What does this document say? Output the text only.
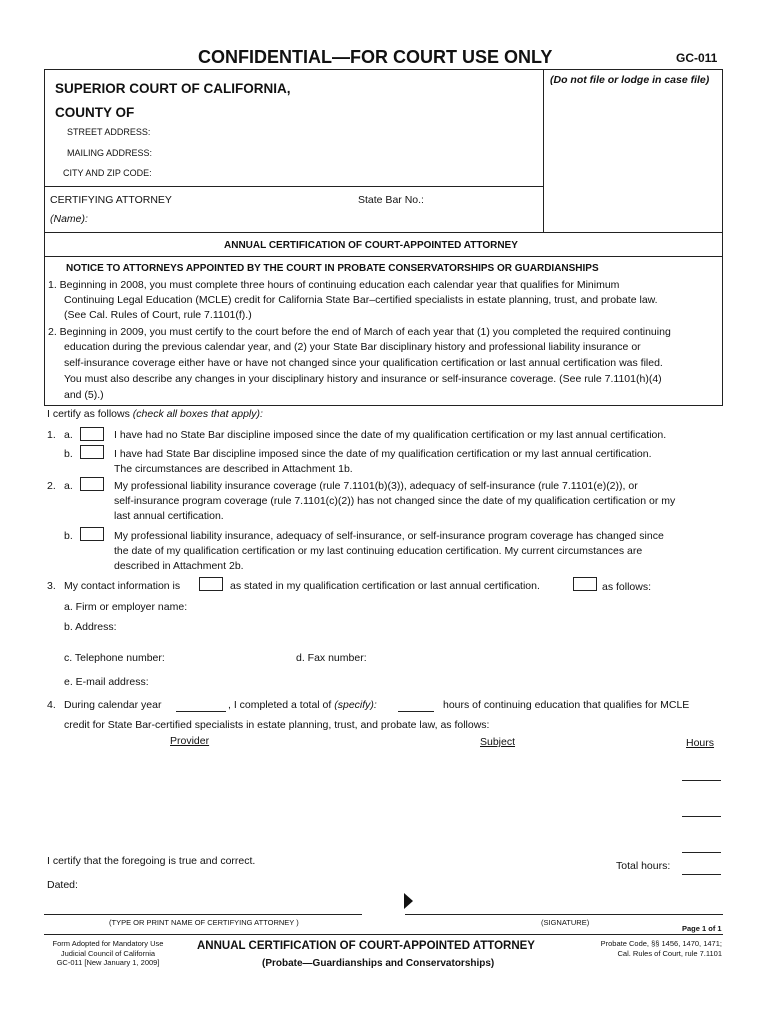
CONFIDENTIAL—FOR COURT USE ONLY	GC-011
(Do not file or lodge in case file)
SUPERIOR COURT OF CALIFORNIA,
COUNTY OF
STREET ADDRESS:
MAILING ADDRESS:
CITY AND ZIP CODE:
CERTIFYING ATTORNEY
(Name):
State Bar No.:
ANNUAL CERTIFICATION OF COURT-APPOINTED ATTORNEY
NOTICE TO ATTORNEYS APPOINTED BY THE COURT IN PROBATE CONSERVATORSHIPS OR GUARDIANSHIPS
1. Beginning in 2008, you must complete three hours of continuing education each calendar year that qualifies for Minimum
Continuing Legal Education (MCLE) credit for California State Bar–certified specialists in estate planning, trust, and probate law.
(See Cal. Rules of Court, rule 7.1101(f).)
2. Beginning in 2009, you must certify to the court before the end of March of each year that (1) you completed the required continuing
education during the previous calendar year, and (2) your State Bar disciplinary history and professional liability insurance or
self-insurance coverage either have or have not changed since your qualification certification or last annual certification was filed.
You must also describe any changes in your disciplinary history and insurance or self-insurance coverage. (See rule 7.1101(h)(4)
and (5).)
I certify as follows (check all boxes that apply):
1. a.	I have had no State Bar discipline imposed since the date of my qualification certification or my last annual certification.
b.	I have had State Bar discipline imposed since the date of my qualification certification or my last annual certification.
The circumstances are described in Attachment 1b.
2. a.	My professional liability insurance coverage (rule 7.1101(b)(3)), adequacy of self-insurance (rule 7.1101(e)(2)), or
self-insurance program coverage (rule 7.1101(c)(2)) has not changed since the date of my qualification certification or my
last annual certification.
b.	My professional liability insurance, adequacy of self-insurance, or self-insurance program coverage has changed since
the date of my qualification certification or my last continuing education certification. My current circumstances are
described in Attachment 2b.
3. My contact information is	as stated in my qualification certification or last annual certification.	as follows:
a. Firm or employer name:
b. Address:
c. Telephone number:	d. Fax number:
e. E-mail address:
4. During calendar year	, I completed a total of (specify):	hours of continuing education that qualifies for MCLE
credit for State Bar-certified specialists in estate planning, trust, and probate law, as follows:
Provider	Subject	Hours
I certify that the foregoing is true and correct.	Total hours:
Dated:
(TYPE OR PRINT NAME OF CERTIFYING ATTORNEY )	(SIGNATURE)
Page 1 of 1
Form Adopted for Mandatory Use
Judicial Council of California
GC-011 [New January 1, 2009]
ANNUAL CERTIFICATION OF COURT-APPOINTED ATTORNEY
(Probate—Guardianships and Conservatorships)
Probate Code, §§ 1456, 1470, 1471;
Cal. Rules of Court, rule 7.1101
